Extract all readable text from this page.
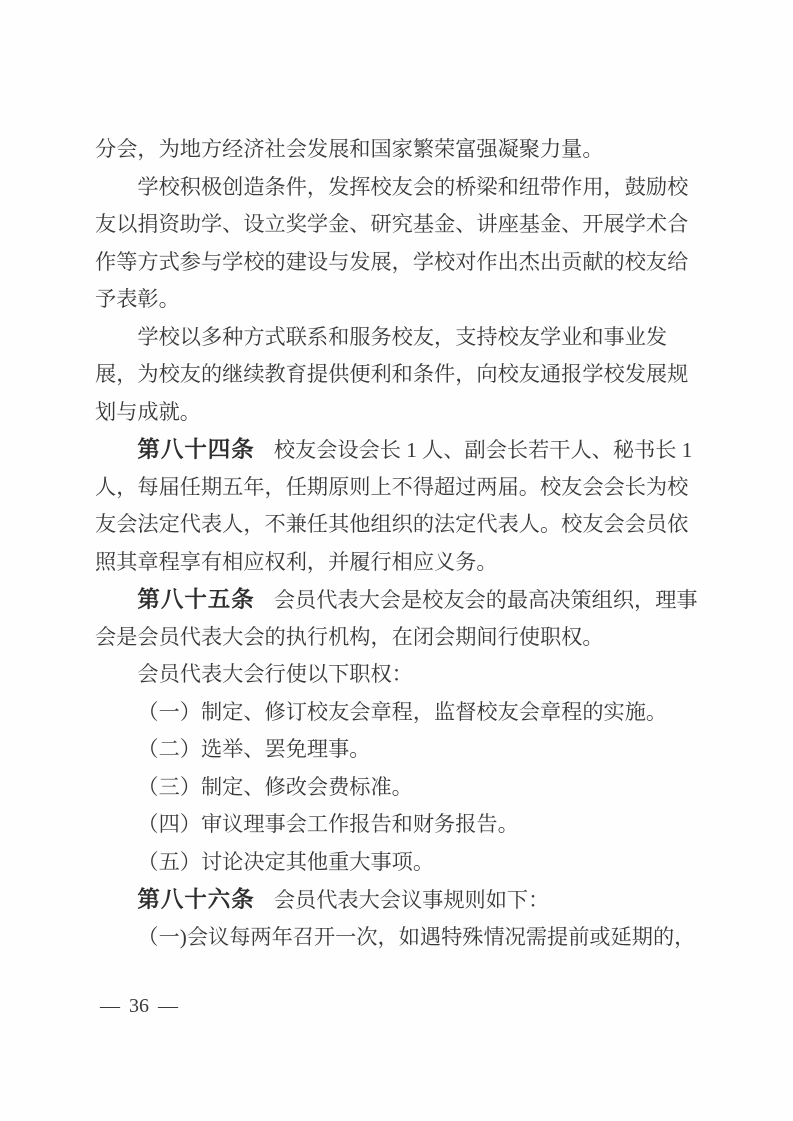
分会，为地方经济社会发展和国家繁荣富强凝聚力量。
学校积极创造条件，发挥校友会的桥梁和纽带作用，鼓励校
友以捐资助学、设立奖学金、研究基金、讲座基金、开展学术合
作等方式参与学校的建设与发展，学校对作出杰出贡献的校友给
予表彰。
学校以多种方式联系和服务校友，支持校友学业和事业发
展，为校友的继续教育提供便利和条件，向校友通报学校发展规
划与成就。
第八十四条 校友会设会长 1 人、副会长若干人、秘书长 1
人，每届任期五年，任期原则上不得超过两届。校友会会长为校
友会法定代表人，不兼任其他组织的法定代表人。校友会会员依
照其章程享有相应权利，并履行相应义务。
第八十五条 会员代表大会是校友会的最高决策组织，理事
会是会员代表大会的执行机构，在闭会期间行使职权。
会员代表大会行使以下职权：
（一）制定、修订校友会章程，监督校友会章程的实施。
（二）选举、罢免理事。
（三）制定、修改会费标准。
（四）审议理事会工作报告和财务报告。
（五）讨论决定其他重大事项。
第八十六条 会员代表大会议事规则如下：
（一)会议每两年召开一次，如遇特殊情况需提前或延期的，
— 36 —
